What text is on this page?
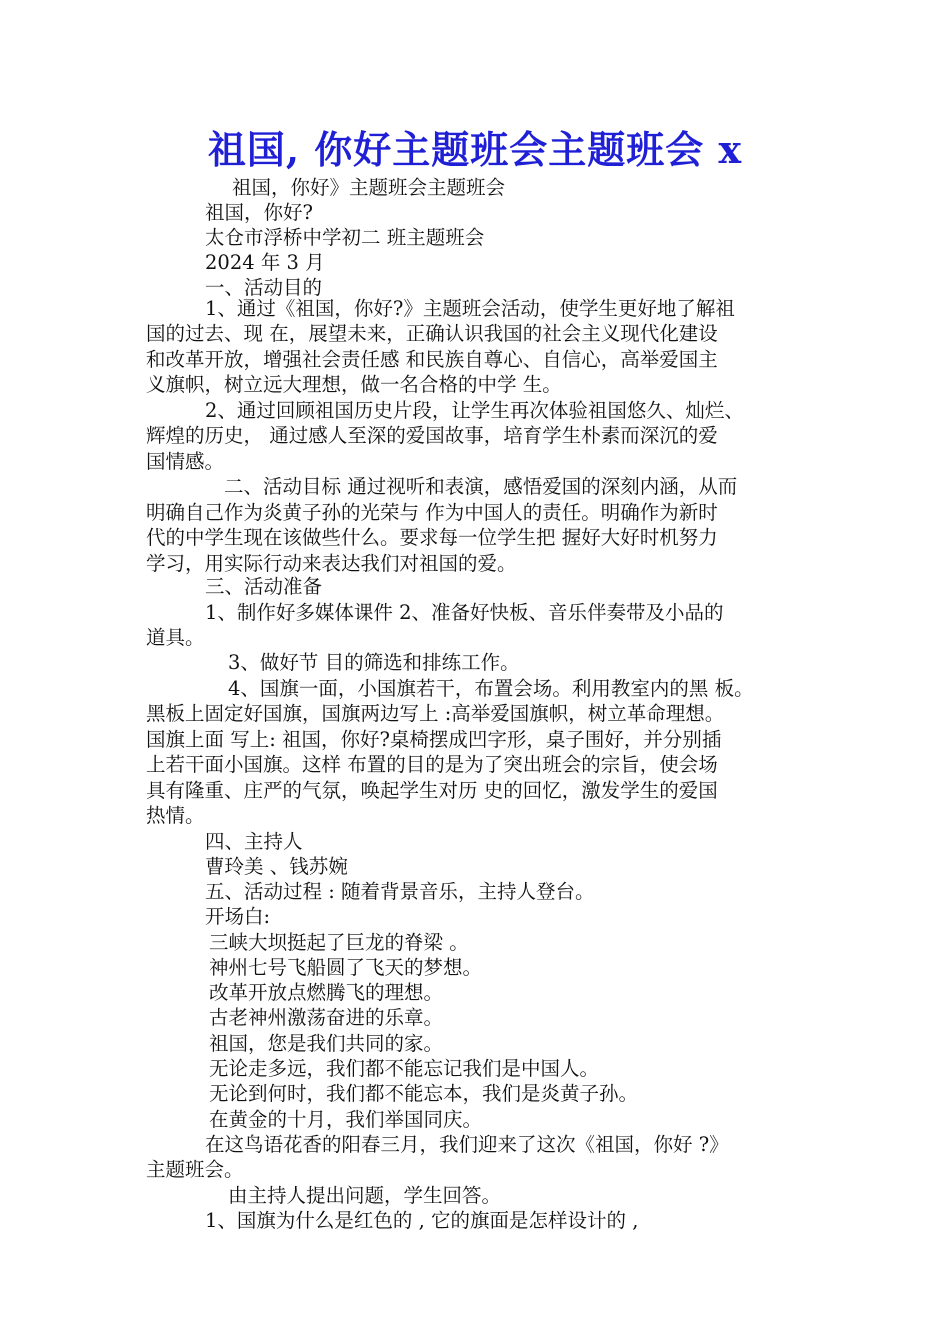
祖国, 你好主题班会主题班会 x
祖国，你好》主题班会主题班会
祖国，你好?
太仓市浮桥中学初二 班主题班会
2024 年 3 月
一、活动目的
1、通过《祖国，你好?》主题班会活动，使学生更好地了解祖
国的过去、现 在，展望未来，正确认识我国的社会主义现代化建设
和改革开放，增强社会责任感 和民族自尊心、自信心，高举爱国主
义旗帜，树立远大理想，做一名合格的中学 生。
2、通过回顾祖国历史片段，让学生再次体验祖国悠久、灿烂、
辉煌的历史， 通过感人至深的爱国故事，培育学生朴素而深沉的爱
国情感。
二、活动目标 通过视听和表演，感悟爱国的深刻内涵，从而
明确自己作为炎黄子孙的光荣与 作为中国人的责任。明确作为新时
代的中学生现在该做些什么。要求每一位学生把 握好大好时机努力
学习，用实际行动来表达我们对祖国的爱。
三、活动准备
1、制作好多媒体课件 2、准备好快板、音乐伴奏带及小品的
道具。
3、做好节 目的筛选和排练工作。
4、国旗一面，小国旗若干，布置会场。利用教室内的黑 板。
黑板上固定好国旗，国旗两边写上 :高举爱国旗帜，树立革命理想。
国旗上面 写上: 祖国，你好?桌椅摆成凹字形，桌子围好，并分别插
上若干面小国旗。这样 布置的目的是为了突出班会的宗旨，使会场
具有隆重、庄严的气氛，唤起学生对历 史的回忆，激发学生的爱国
热情。
四、主持人
曹玲美 、钱苏婉
五、活动过程 : 随着背景音乐，主持人登台。
开场白:
三峡大坝挺起了巨龙的脊梁 。
神州七号飞船圆了飞天的梦想。
改革开放点燃腾飞的理想。
古老神州激荡奋进的乐章。
祖国，您是我们共同的家。
无论走多远，我们都不能忘记我们是中国人。
无论到何时，我们都不能忘本，我们是炎黄子孙。
在黄金的十月，我们举国同庆。
在这鸟语花香的阳春三月，我们迎来了这次《祖国，你好 ?》
主题班会。
由主持人提出问题，学生回答。
1、国旗为什么是红色的 , 它的旗面是怎样设计的 ,
